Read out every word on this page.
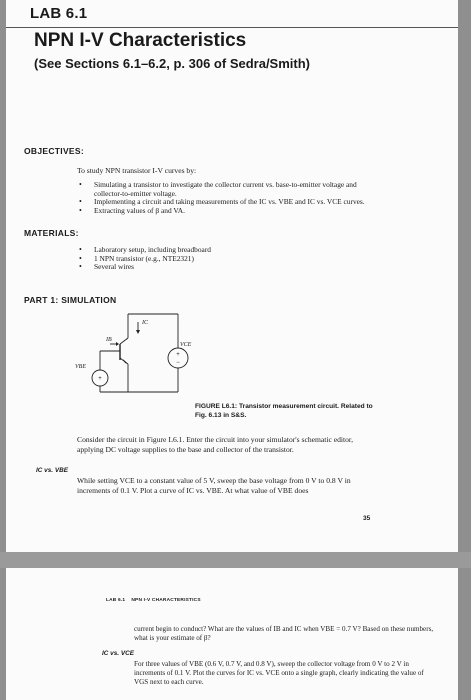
LAB 6.1
NPN I-V Characteristics
(See Sections 6.1–6.2, p. 306 of Sedra/Smith)
OBJECTIVES:
To study NPN transistor I-V curves by:
• Simulating a transistor to investigate the collector current vs. base-to-emitter voltage and collector-to-emitter voltage.
• Implementing a circuit and taking measurements of the IC vs. VBE and IC vs. VCE curves.
• Extracting values of β and VA.
MATERIALS:
• Laboratory setup, including breadboard
• 1 NPN transistor (e.g., NTE2321)
• Several wires
PART 1: SIMULATION
+
+
−
IC
IB
VCE
VBE
FIGURE L6.1: Transistor measurement circuit. Related to Fig. 6.13 in S&S.
Consider the circuit in Figure L6.1. Enter the circuit into your simulator's schematic editor, applying DC voltage supplies to the base and collector of the transistor.
IC vs. VBE
While setting VCE to a constant value of 5 V, sweep the base voltage from 0 V to 0.8 V in increments of 0.1 V. Plot a curve of IC vs. VBE. At what value of VBE does
35
LAB 6.1    NPN I-V CHARACTERISTICS
current begin to conduct? What are the values of IB and IC when VBE = 0.7 V? Based on these numbers, what is your estimate of β?
IC vs. VCE
For three values of VBE (0.6 V, 0.7 V, and 0.8 V), sweep the collector voltage from 0 V to 2 V in increments of 0.1 V. Plot the curves for IC vs. VCE onto a single graph, clearly indicating the value of VGS next to each curve.
